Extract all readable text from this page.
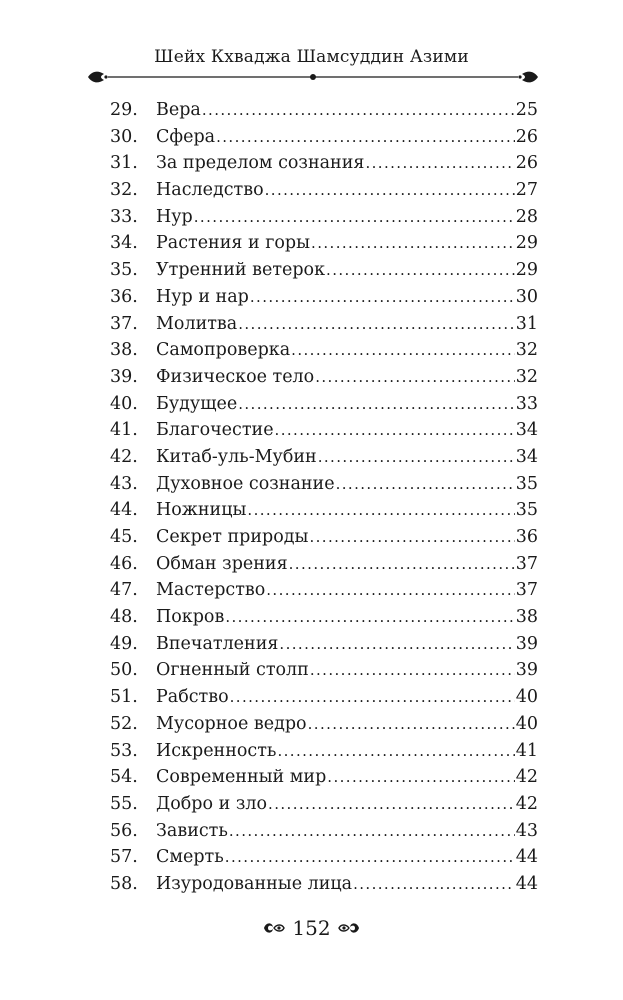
Шейх Кхваджа Шамсуддин Азими
29.	Вера .....	25
30.	Сфера .....	26
31.	За пределом сознания .....	26
32.	Наследство .....	27
33.	Нур .....	28
34.	Растения и горы .....	29
35.	Утренний ветерок .....	29
36.	Нур и нар .....	30
37.	Молитва .....	31
38.	Самопроверка .....	32
39.	Физическое тело .....	32
40.	Будущее .....	33
41.	Благочестие .....	34
42.	Китаб-уль-Мубин .....	34
43.	Духовное сознание .....	35
44.	Ножницы .....	35
45.	Секрет природы .....	36
46.	Обман зрения .....	37
47.	Мастерство .....	37
48.	Покров .....	38
49.	Впечатления .....	39
50.	Огненный столп .....	39
51.	Рабство .....	40
52.	Мусорное ведро .....	40
53.	Искренность .....	41
54.	Современный мир .....	42
55.	Добро и зло .....	42
56.	Зависть .....	43
57.	Смерть .....	44
58.	Изуродованные лица .....	44
152
